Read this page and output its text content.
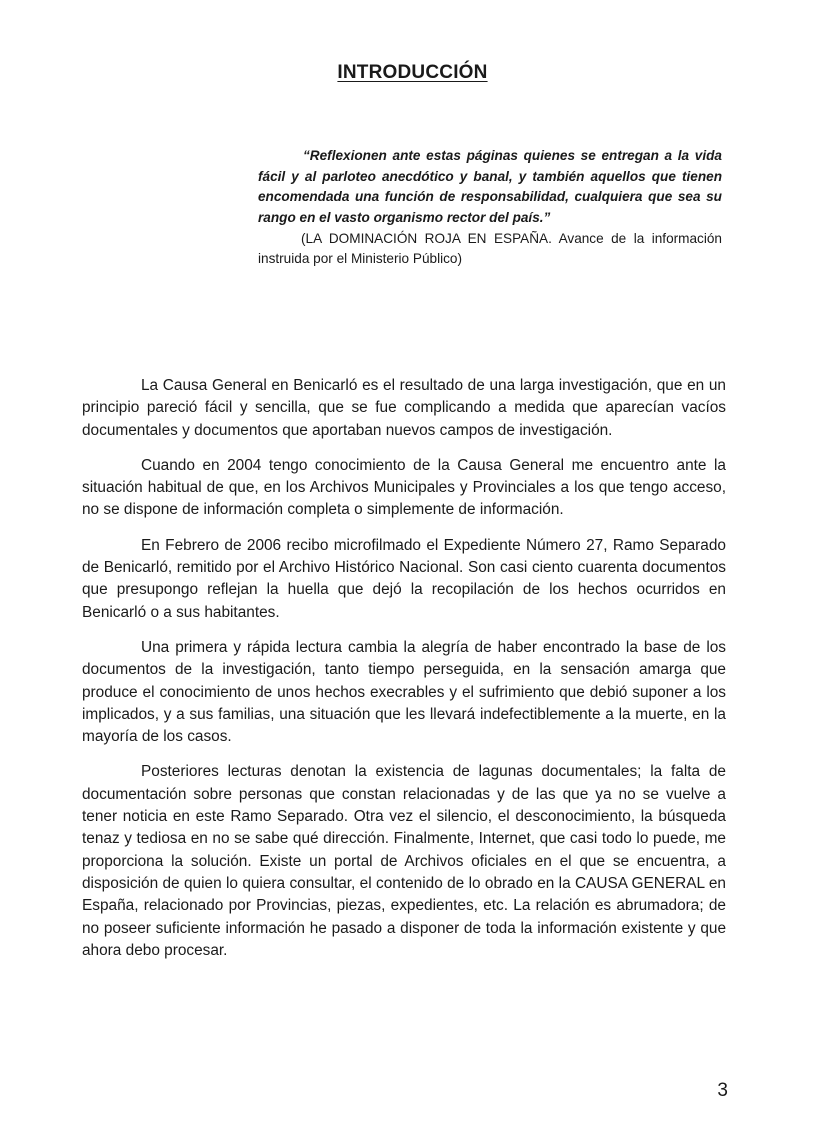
INTRODUCCIÓN
“Reflexionen ante estas páginas quienes se entregan a la vida fácil y al parloteo anecdótico y banal, y también aquellos que tienen encomendada una función de responsabilidad, cualquiera que sea su rango en el vasto organismo rector del país.”
(LA DOMINACIÓN ROJA EN ESPAÑA. Avance de la información instruida por el Ministerio Público)

La Causa General en Benicarló es el resultado de una larga investigación, que en un principio pareció fácil y sencilla, que se fue complicando a medida que aparecían vacíos documentales y documentos que aportaban nuevos campos de investigación.

Cuando en 2004 tengo conocimiento de la Causa General me encuentro ante la situación habitual de que, en los Archivos Municipales y Provinciales a los que tengo acceso, no se dispone de información completa o simplemente de información.

En Febrero de 2006 recibo microfilmado el Expediente Número 27, Ramo Separado de Benicarló, remitido por el Archivo Histórico Nacional. Son casi ciento cuarenta documentos que presupongo reflejan la huella que dejó la recopilación de los hechos ocurridos en Benicarló o a sus habitantes.

Una primera y rápida lectura cambia la alegría de haber encontrado la base de los documentos de la investigación, tanto tiempo perseguida, en la sensación amarga que produce el conocimiento de unos hechos execrables y el sufrimiento que debió suponer a los implicados, y a sus familias, una situación que les llevará indefectiblemente a la muerte, en la mayoría de los casos.

Posteriores lecturas denotan la existencia de lagunas documentales; la falta de documentación sobre personas que constan relacionadas y de las que ya no se vuelve a tener noticia en este Ramo Separado. Otra vez el silencio, el desconocimiento, la búsqueda tenaz y tediosa en no se sabe qué dirección. Finalmente, Internet, que casi todo lo puede, me proporciona la solución. Existe un portal de Archivos oficiales en el que se encuentra, a disposición de quien lo quiera consultar, el contenido de lo obrado en la CAUSA GENERAL en España, relacionado por Provincias, piezas, expedientes, etc. La relación es abrumadora; de no poseer suficiente información he pasado a disponer de toda la información existente y que ahora debo procesar.

3
